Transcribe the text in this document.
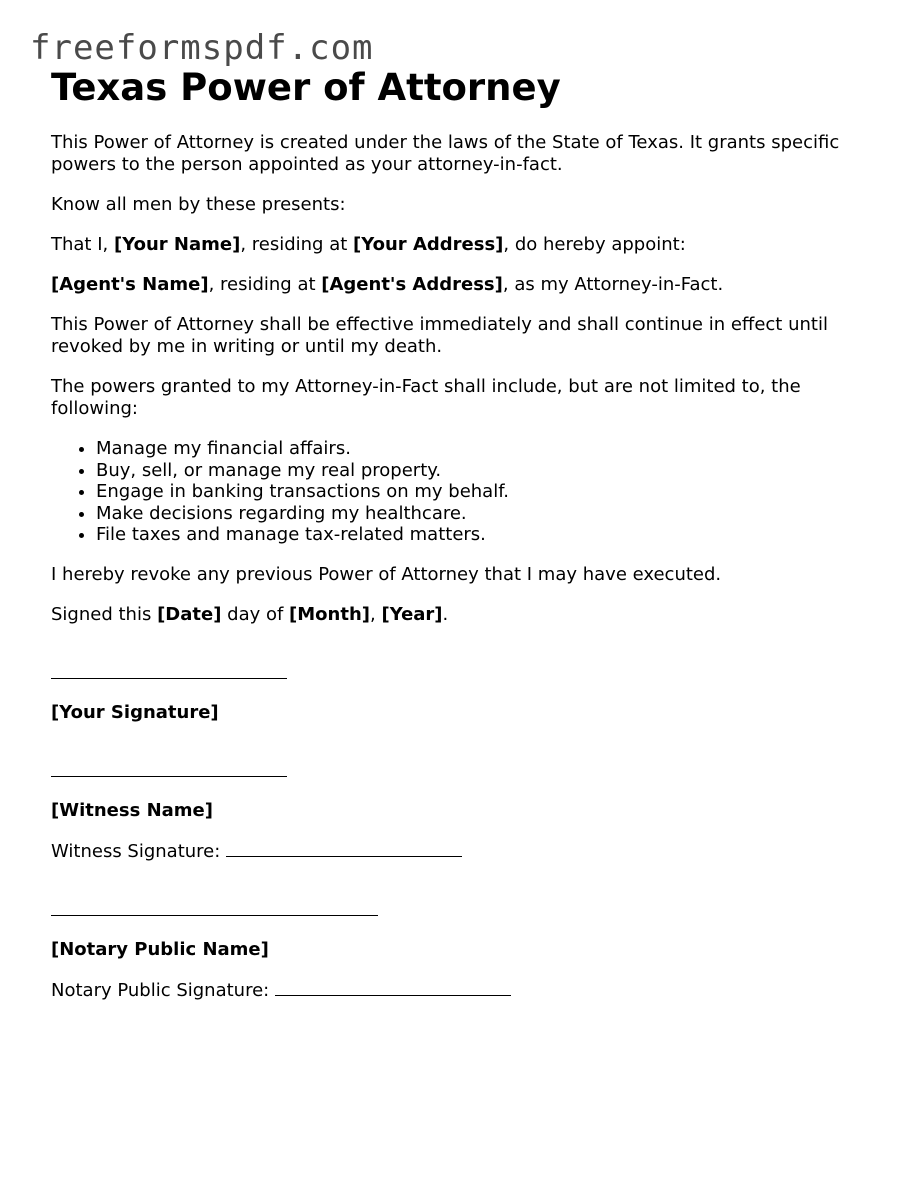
freeformspdf.com
Texas Power of Attorney

This Power of Attorney is created under the laws of the State of Texas. It grants specific powers to the person appointed as your attorney-in-fact.

Know all men by these presents:

That I, [Your Name], residing at [Your Address], do hereby appoint:

[Agent's Name], residing at [Agent's Address], as my Attorney-in-Fact.

This Power of Attorney shall be effective immediately and shall continue in effect until revoked by me in writing or until my death.

The powers granted to my Attorney-in-Fact shall include, but are not limited to, the following:

• Manage my financial affairs.
• Buy, sell, or manage my real property.
• Engage in banking transactions on my behalf.
• Make decisions regarding my healthcare.
• File taxes and manage tax-related matters.

I hereby revoke any previous Power of Attorney that I may have executed.

Signed this [Date] day of [Month], [Year].

[Your Signature]

[Witness Name]

Witness Signature:

[Notary Public Name]

Notary Public Signature:
